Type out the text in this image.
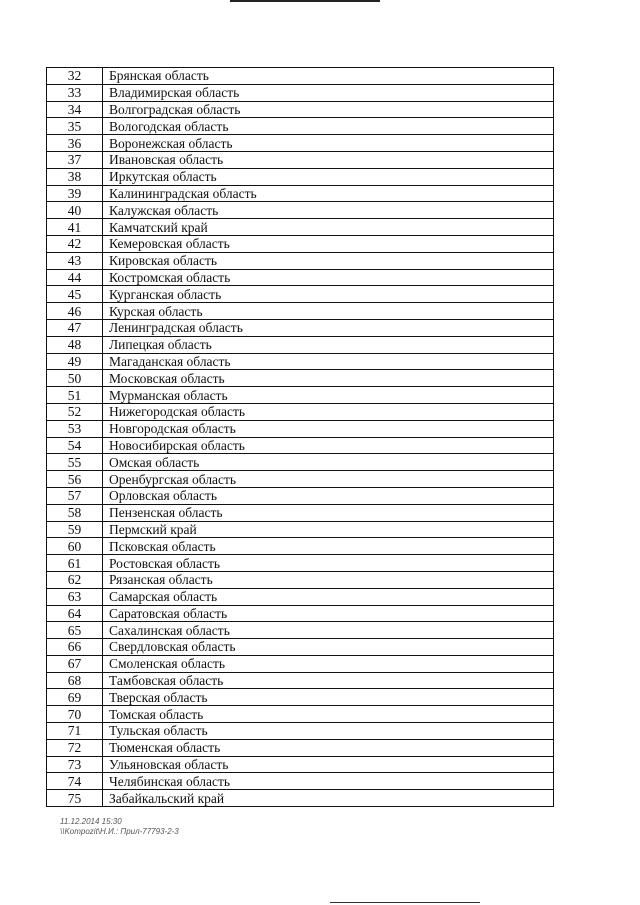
32	Брянская область
33	Владимирская область
34	Волгоградская область
35	Вологодская область
36	Воронежская область
37	Ивановская область
38	Иркутская область
39	Калининградская область
40	Калужская область
41	Камчатский край
42	Кемеровская область
43	Кировская область
44	Костромская область
45	Курганская область
46	Курская область
47	Ленинградская область
48	Липецкая область
49	Магаданская область
50	Московская область
51	Мурманская область
52	Нижегородская область
53	Новгородская область
54	Новосибирская область
55	Омская область
56	Оренбургская область
57	Орловская область
58	Пензенская область
59	Пермский край
60	Псковская область
61	Ростовская область
62	Рязанская область
63	Самарская область
64	Саратовская область
65	Сахалинская область
66	Свердловская область
67	Смоленская область
68	Тамбовская область
69	Тверская область
70	Томская область
71	Тульская область
72	Тюменская область
73	Ульяновская область
74	Челябинская область
75	Забайкальский край
11.12.2014 15:30
\\Kompozit\Н.И.: Прил-77793-2-3
